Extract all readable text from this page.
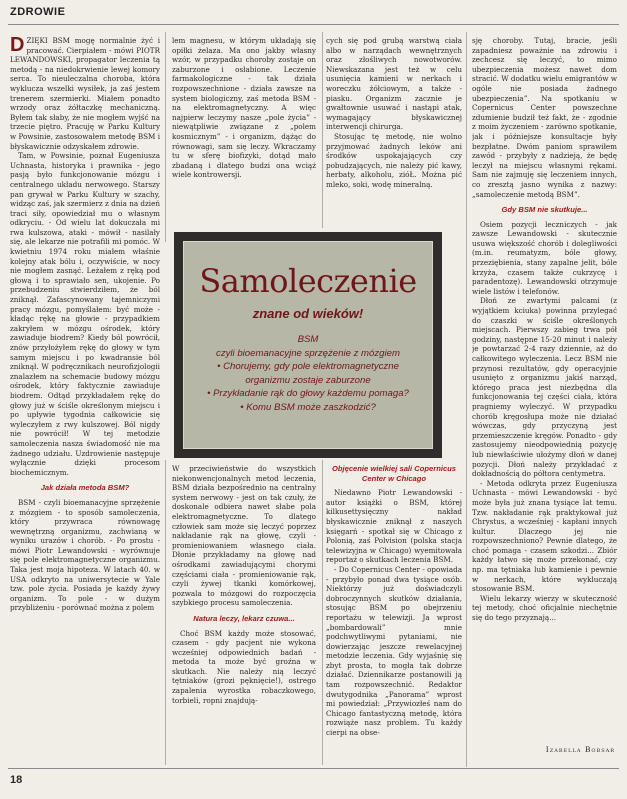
ZDROWIE

DZIĘKI BSM mogę normalnie żyć i pracować. Cierpiałem - mówi PIOTR LEWANDOWSKI, propagator leczenia tą metodą - na niedokrwienie lewej komory serca. To nieuleczalna choroba, która wyklucza wszelki wysiłek, ja zaś jestem trenerem szermierki. Miałem ponadto wrzody oraz żółtaczkę mechaniczną. Byłem tak słaby, że nie mogłem wyjść na trzecie piętro. Pracuję w Parku Kultury w Powsinie, zastosowałem metodę BSM i błyskawicznie odzyskałem zdrowie.

Tam, w Powsinie, poznał Eugeniusza Uchnasta, historyka i prawnika - jego pasją było funkcjonowanie mózgu i centralnego układu nerwowego. Starszy pan grywał w Parku Kultury w szachy, widząc zaś, jak szermierz z dnia na dzień traci siły, opowiedział mu o własnym odkryciu. - Od wielu lat dokuczała mi rwa kulszowa, ataki - mówił - nasilały się, ale lekarze nie potrafili mi pomóc. W kwietniu 1974 roku miałem właśnie kolejny atak bólu i, oczywiście, w nocy nie mogłem zasnąć. Leżałem z ręką pod głową i to sprawiało sen, ukojenie. Po przebudzeniu stwierdziłem, że ból zniknął. Zafascynowany tajemniczymi pracy mózgu, pomyślałem: być może - kładąc rękę na głowie - przypadkiem zakryłem w mózgu ośrodek, który zawiaduje biodrem? Kiedy ból powrócił, znów przyłożyłem rękę do głowy w tym samym miejscu i po kwadransie ból zniknął. W podręcznikach neurofizjologii znalazłem na schemacie budowy mózgu ośrodek, który faktycznie zawiaduje biodrem. Odtąd przykładałem rękę do głowy już w ściśle określonym miejscu i po upływie tygodnia całkowicie się wyleczyłem z rwy kulszowej. Ból nigdy nie powrócił! W tej metodzie samoleczenia nasza świadomość nie ma żadnego udziału. Uzdrowienie następuje wyłącznie dzięki procesom biochemicznym.

Jak działa metoda BSM?

BSM - czyli bioemanacyjne sprzężenie z mózgiem - to sposób samoleczenia, który przywraca równowagę wewnętrzną organizmu, zachwianą w wyniku urazów i chorób. - Po prostu - mówi Piotr Lewandowski - wyrównuje się pole elektromagnetyczne organizmu. Taka jest moja hipoteza. W latach 40. w USA odkryto na uniwersytecie w Yale tzw. pole życia. Posiada je każdy żywy organizm. To pole - w dużym przybliżeniu - porównać można z polem

lem magnesu, w którym układają się opiłki żelaza. Ma ono jakby własny wzór, w przypadku choroby zostaje on zaburzone i osłabione. Leczenie farmakologiczne - tak działa rozpowszechnione - działa zawsze na system biologiczny, zaś metoda BSM - na elektromagnetyczny. A więc najpierw leczymy nasze „pole życia” - niewątpliwie związane z „polem kosmicznym” - i organizm, dążąc do równowagi, sam się leczy. Wkraczamy tu w sferę biofizyki, dotąd mało zbadaną i dlatego budzi ona wciąż wiele kontrowersji.

cych się pod grubą warstwą ciała albo w narządach wewnętrznych oraz złośliwych nowotworów. Niewskazana jest też w celu usunięcia kamieni w nerkach i woreczku żółciowym, a także - piasku. Organizm zacznie je gwałtownie usuwać i nastąpi atak, wymagający błyskawicznej interwencji chirurga.

Stosując tę metodę, nie wolno przyjmować żadnych leków ani środków uspokajających czy pobudzających, nie należy pić kawy, herbaty, alkoholu, zióŁ. Można pić mleko, soki, wodę mineralną.

Samoleczenie
znane od wieków!
BSM
czyli bioemanacyjne sprzężenie z mózgiem
• Chorujemy, gdy pole elektromagnetyczne
organizmu zostaje zaburzone
• Przykładanie rąk do głowy każdemu pomaga?
• Komu BSM może zaszkodzić?

W przeciwieństwie do wszystkich niekonwencjonalnych metod leczenia, BSM działa bezpośrednio na centralny system nerwowy - jest on tak czuły, że doskonale odbiera nawet słabe pola elektromagnetyczne. To dlatego człowiek sam może się leczyć poprzez nakładanie rąk na głowę, czyli - promieniowaniem własnego ciała. Dłonie przykładamy na głowę nad ośrodkami zawiadującymi chorymi częściami ciała - promieniowanie rąk, czyli żywej tkanki komórkowej, pozwala to mózgowi do rozpoczęcia szybkiego procesu samoleczenia.

Natura leczy, lekarz czuwa...

Choć BSM każdy może stosować, czasem - gdy pacjent nie wykona wcześniej odpowiednich badań - metoda ta może być groźna w skutkach. Nie należy nią leczyć tętniaków (grozi pęknięcie!), ostrego zapalenia wyrostka robaczkowego, torbieli, ropni znajdują-

Objęcenie wielkiej sali Copernicus Center w Chicago

Niedawno Piotr Lewandowski - autor książki o BSM, której kilkusettysięczny nakład błyskawicznie zniknął z naszych księgarń - spotkał się w Chicago z Polonią, zaś Polvision (polska stacja telewizyjna w Chicago) wyemitowała reportaż o skutkach leczenia BSM.

- Do Copernicus Center - opowiada - przybyło ponad dwa tysiące osób. Niektórzy już doświadczyli dobroczynnych skutków działania, stosując BSM po obejrzeniu reportażu w telewizji. Ja wprost „bombardowali” mnie podchwytliwymi pytaniami, nie dowierzając jeszcze rewelacyjnej metodzie leczenia. Gdy wyjaśnię się zbyt prosta, to mogła tak dobrze działać. Dziennikarze postanowili ją tam rozpowszechnić. Redaktor dwutygodnika „Panorama” wprost mi powiedział: „Przywiozłeś nam do Chicago fantastyczną metodę, która rozwiąże nasz problem. Tu każdy cierpi na obse-

sję choroby. Tutaj, bracie, jeśli zapadniesz poważnie na zdrowiu i zechcesz się leczyć, to mimo ubezpieczenia możesz nawet dom stracić. W dodatku wielu emigrantów w ogóle nie posiada żadnego ubezpieczenia”. Na spotkaniu w Copernicus Center powszechne zdumienie budził też fakt, że - zgodnie z moim życzeniem - zarówno spotkanie, jak i późniejsze konsultacje były bezpłatne. Dwóm paniom sprawiłem zawód - przybyły z nadzieją, że będę leczył na miejscu własnymi rękami. Sam nie zajmuję się leczeniem innych, co zresztą jasno wynika z nazwy: „samoleczenie metodą BSM”.

Gdy BSM nie skutkuje...

Osiem pozycji leczniczych - jak zawsze Lewandowski - skutecznie usuwa większość chorób i dolegliwości (m.in. reumatyzm, bóle głowy, przeziębienia, stany zapalne jelit, bóle krzyża, czasem także cukrzycę i paradentozę). Lewandowski otrzymuje wiele listów i telefonów.

Dłoń ze zwartymi palcami (z wyjątkiem kciuka) powinna przylegać do czaszki w ściśle określonych miejscach. Pierwszy zabieg trwa pół godziny, następne 15-20 minut i należy je powtarzać 2-4 razy dziennie, aż do całkowitego wyleczenia. Lecz BSM nie przynosi rezultatów, gdy operacyjnie usunięto z organizmu jakiś narząd, którego praca jest niezbędna dla funkcjonowania tej części ciała, która pragniemy wyleczyć. W przypadku chorób kręgosłupa może nie działać wówczas, gdy przyczyną jest przemieszczenie kręgów. Ponadto - gdy zastosujemy nieodpowiednią pozycję lub niewłaściwie ułożymy dłoń w danej pozycji. Dłoń należy przykładać z dokładnością do półtora centymetra.

- Metoda odkryta przez Eugeniusza Uchnasta - mówi Lewandowski - być może była już znana tysiące lat temu. Tzw. nakładanie rąk praktykował już Chrystus, a wcześniej - kapłani innych kultur. Dlaczego jej nie rozpowszechniono? Pewnie dlatego, że choć pomaga - czasem szkodzi... Zbiór każdy łatwo się może przekonać, czy np. ma tętniaka lub kamienie i pewnie w nerkach, które wykluczają stosowanie BSM.

Wielu lekarzy wierzy w skuteczność tej metody, choć oficjalnie niechętnie się do tego przyznają...

Izabella Bobsar
18
